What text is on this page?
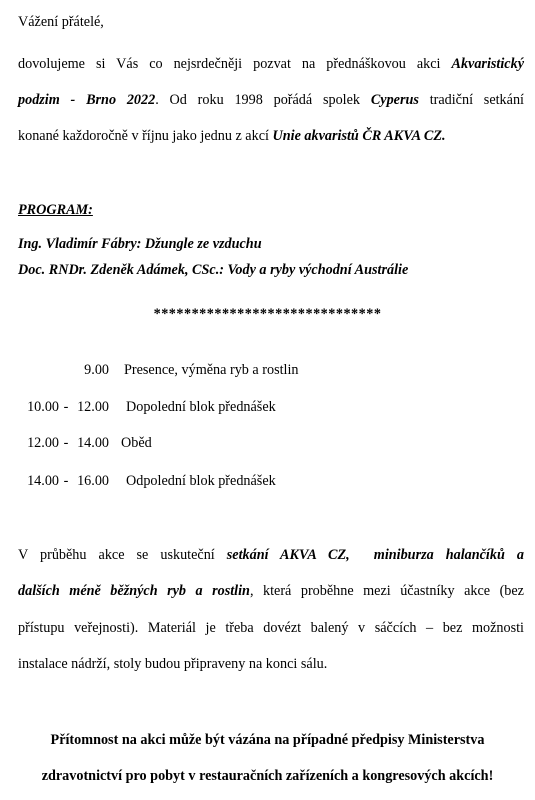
Vážení přátelé,
dovolujeme si Vás co nejsrdečněji pozvat na přednáškovou akci Akvaristický
podzim - Brno 2022. Od roku 1998 pořádá spolek Cyperus tradiční setkání
konané každoročně v říjnu jako jednu z akcí Unie akvaristů ČR AKVA CZ.
PROGRAM:
Ing. Vladimír Fábry: Džungle ze vzduchu
Doc. RNDr. Zdeněk Adámek, CSc.: Vody a ryby východní Austrálie
******************************
9.00 Presence, výměna ryb a rostlin
10.00 - 12.00 Dopolední blok přednášek
12.00 - 14.00 Oběd
14.00 - 16.00 Odpolední blok přednášek
V průběhu akce se uskuteční setkání AKVA CZ, miniburza halančíků a
dalších méně běžných ryb a rostlin, která proběhne mezi účastníky akce (bez
přístupu veřejnosti). Materiál je třeba dovézt balený v sáčcích – bez možnosti
instalace nádrží, stoly budou připraveny na konci sálu.
Přítomnost na akci může být vázána na případné předpisy Ministerstva
zdravotnictví pro pobyt v restauračních zařízeních a kongresových akcích!
